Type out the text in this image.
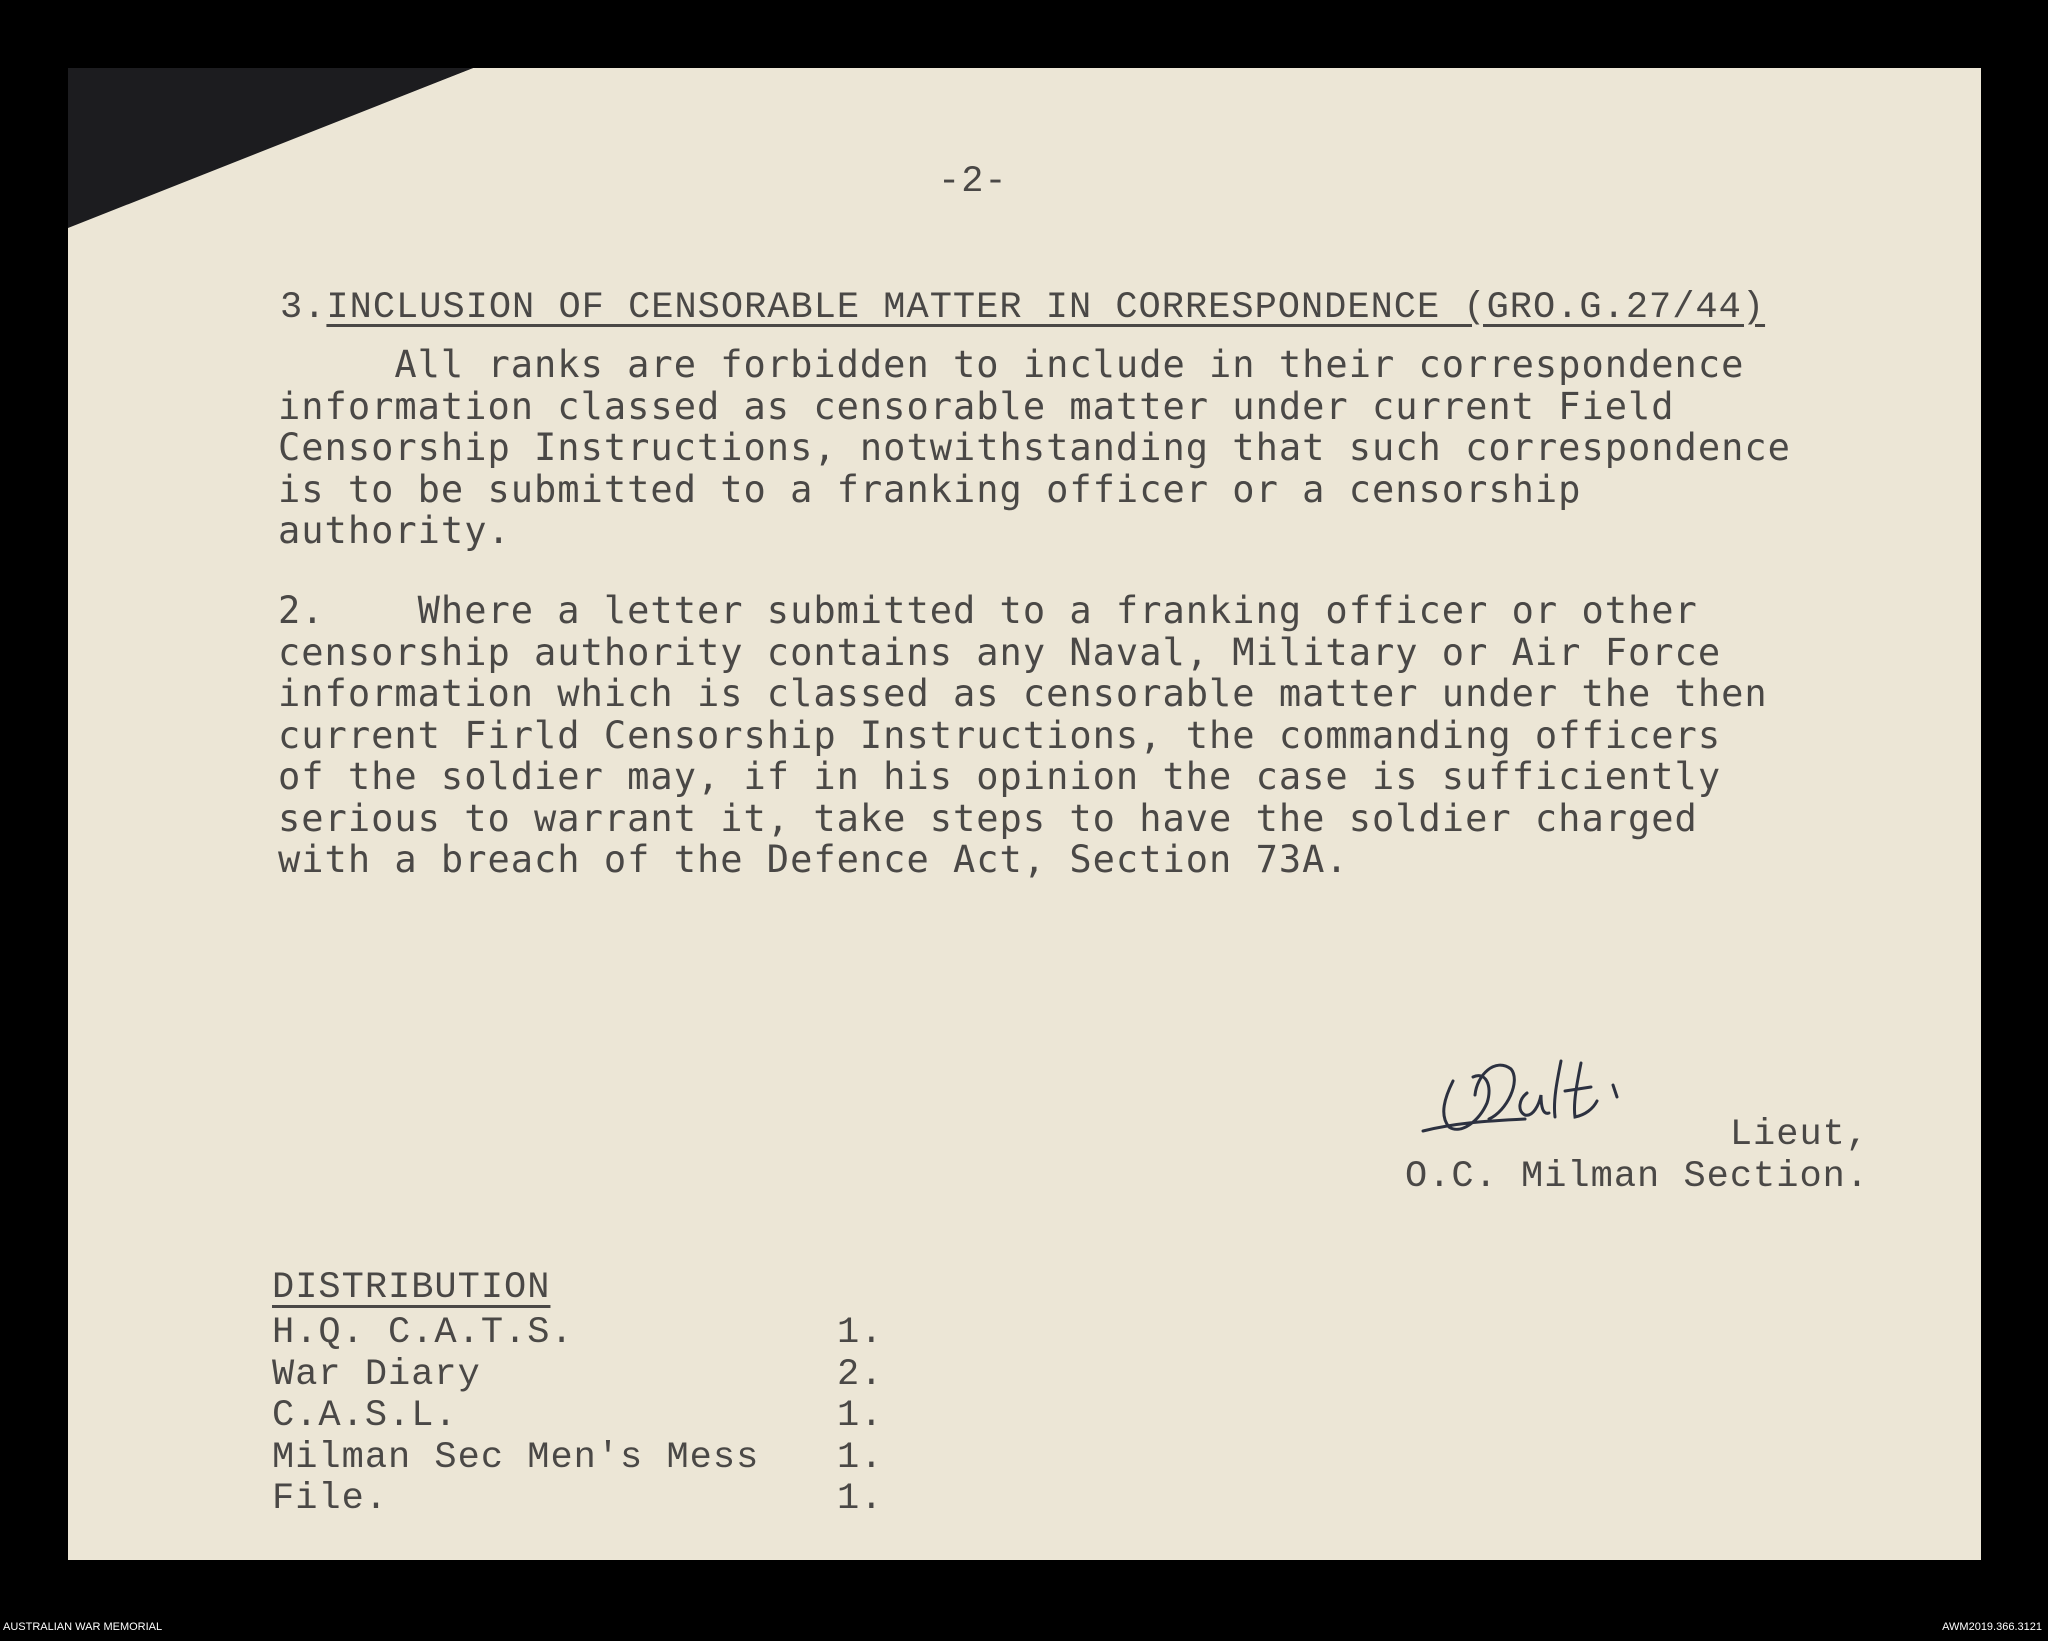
-2-
3.INCLUSION OF CENSORABLE MATTER IN CORRESPONDENCE (GRO.G.27/44)
All ranks are forbidden to include in their correspondence
information classed as censorable matter under current Field
Censorship Instructions, notwithstanding that such correspondence
is to be submitted to a franking officer or a censorship
authority.
2.    Where a letter submitted to a franking officer or other
censorship authority contains any Naval, Military or Air Force
information which is classed as censorable matter under the then
current Firld Censorship Instructions, the commanding officers
of the soldier may, if in his opinion the case is sufficiently
serious to warrant it, take steps to have the soldier charged
with a breach of the Defence Act, Section 73A.
Lieut,
O.C. Milman Section.
DISTRIBUTION
H.Q. C.A.T.S.	1.
War Diary	2.
C.A.S.L.	1.
Milman Sec Men's Mess	1.
File.	1.
AUSTRALIAN WAR MEMORIAL	AWM2019.366.3121
